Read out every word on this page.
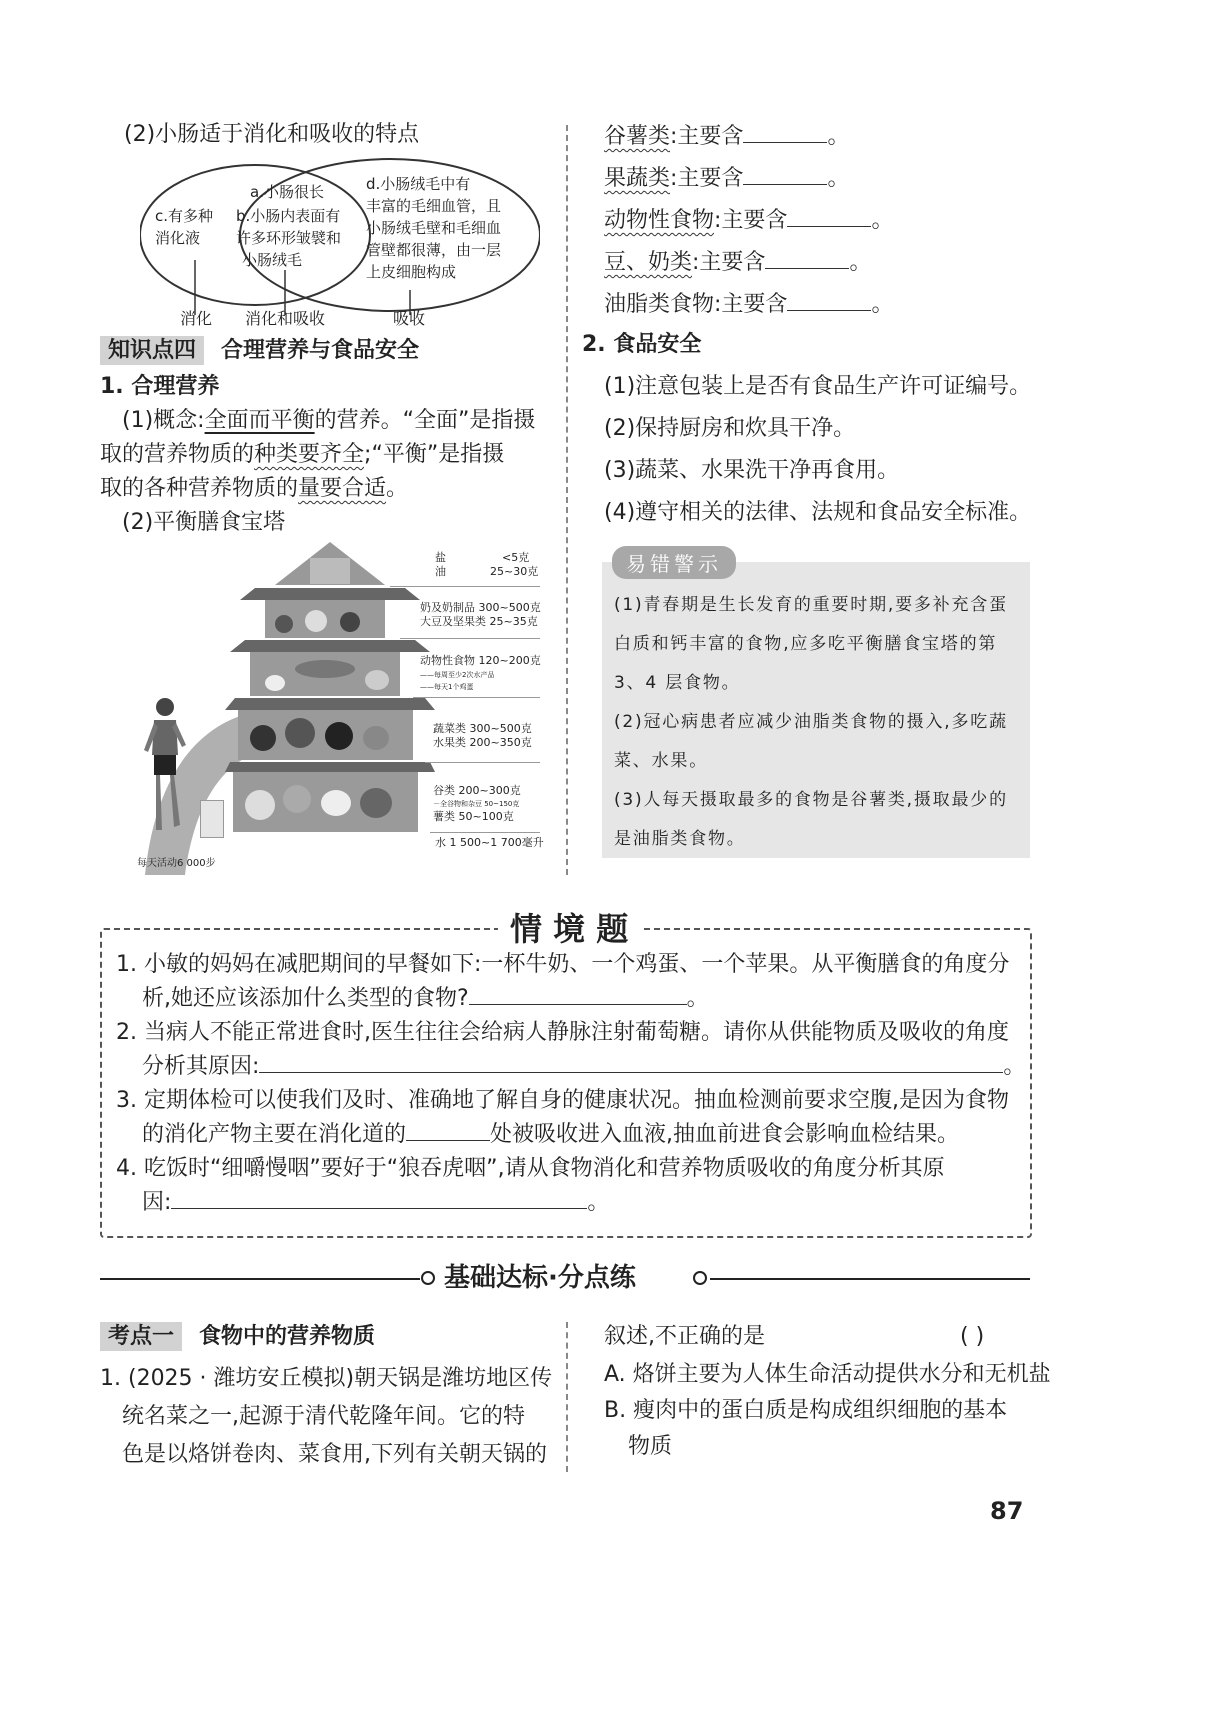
(2)小肠适于消化和吸收的特点
a.小肠很长
b.小肠内表面有
许多环形皱襞和
小肠绒毛
c.有多种
消化液
d.小肠绒毛中有
丰富的毛细血管，且
小肠绒毛壁和毛细血
管壁都很薄，由一层
上皮细胞构成
消化 消化和吸收	吸收
知识点四 合理营养与食品安全
1. 合理营养
(1)概念:全面而平衡的营养。“全面”是指摄
取的营养物质的种类要齐全;“平衡”是指摄
取的各种营养物质的量要合适。
(2)平衡膳食宝塔
盐	<5克
油	25~30克
奶及奶制品 300~500克
大豆及坚果类 25~35克
动物性食物 120~200克
——每周至少2次水产品
——每天1个鸡蛋
蔬菜类 300~500克
水果类 200~350克
谷类 200~300克
－全谷物和杂豆 50~150克
薯类 50~100克
水 1 500~1 700毫升
每天活动6 000步
谷薯类:主要含	。
果蔬类:主要含	。
动物性食物:主要含	。
豆、奶类:主要含	。
油脂类食物:主要含	。
2. 食品安全
(1)注意包装上是否有食品生产许可证编号。
(2)保持厨房和炊具干净。
(3)蔬菜、水果洗干净再食用。
(4)遵守相关的法律、法规和食品安全标准。
易错警示
(1)青春期是生长发育的重要时期,要多补充含蛋
白质和钙丰富的食物,应多吃平衡膳食宝塔的第
3、4 层食物。
(2)冠心病患者应减少油脂类食物的摄入,多吃蔬
菜、水果。
(3)人每天摄取最多的食物是谷薯类,摄取最少的
是油脂类食物。
情 境 题
1. 小敏的妈妈在减肥期间的早餐如下:一杯牛奶、一个鸡蛋、一个苹果。从平衡膳食的角度分
析,她还应该添加什么类型的食物?	。
2. 当病人不能正常进食时,医生往往会给病人静脉注射葡萄糖。请你从供能物质及吸收的角度
分析其原因:	。
3. 定期体检可以使我们及时、准确地了解自身的健康状况。抽血检测前要求空腹,是因为食物
的消化产物主要在消化道的	处被吸收进入血液,抽血前进食会影响血检结果。
4. 吃饭时“细嚼慢咽”要好于“狼吞虎咽”,请从食物消化和营养物质吸收的角度分析其原
因:	。
基础达标·分点练
考点一 食物中的营养物质
1. (2025 · 潍坊安丘模拟)朝天锅是潍坊地区传
统名菜之一,起源于清代乾隆年间。它的特
色是以烙饼卷肉、菜食用,下列有关朝天锅的
叙述,不正确的是	( )
A. 烙饼主要为人体生命活动提供水分和无机盐
B. 瘦肉中的蛋白质是构成组织细胞的基本
物质
87
